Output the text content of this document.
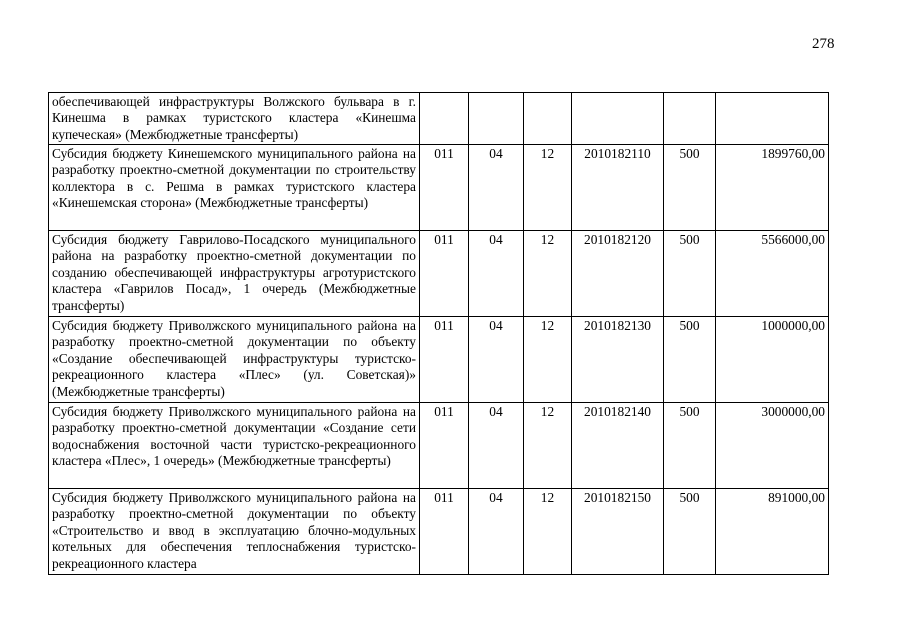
278
обеспечивающей инфраструктуры Волжского бульвара в г. Кинешма в рамках туристского кластера «Кинешма купеческая» (Межбюджетные трансферты)						
Субсидия бюджету Кинешемского муниципального района на разработку проектно-сметной документации по строительству коллектора в с. Решма в рамках туристского кластера «Кинешемская сторона» (Межбюджетные трансферты)	011	04	12	2010182110	500	1899760,00
Субсидия бюджету Гаврилово-Посадского муниципального района на разработку проектно-сметной документации по созданию обеспечивающей инфраструктуры агротуристского кластера «Гаврилов Посад», 1 очередь (Межбюджетные трансферты)	011	04	12	2010182120	500	5566000,00
Субсидия бюджету Приволжского муниципального района на разработку проектно-сметной документации по объекту «Создание обеспечивающей инфраструктуры туристско-рекреационного кластера «Плес» (ул. Советская)» (Межбюджетные трансферты)	011	04	12	2010182130	500	1000000,00
Субсидия бюджету Приволжского муниципального района на разработку проектно-сметной документации «Создание сети водоснабжения восточной части туристско-рекреационного кластера «Плес», 1 очередь» (Межбюджетные трансферты)	011	04	12	2010182140	500	3000000,00
Субсидия бюджету Приволжского муниципального района на разработку проектно-сметной документации по объекту «Строительство и ввод в эксплуатацию блочно-модульных котельных для обеспечения теплоснабжения туристско-рекреационного кластера	011	04	12	2010182150	500	891000,00
